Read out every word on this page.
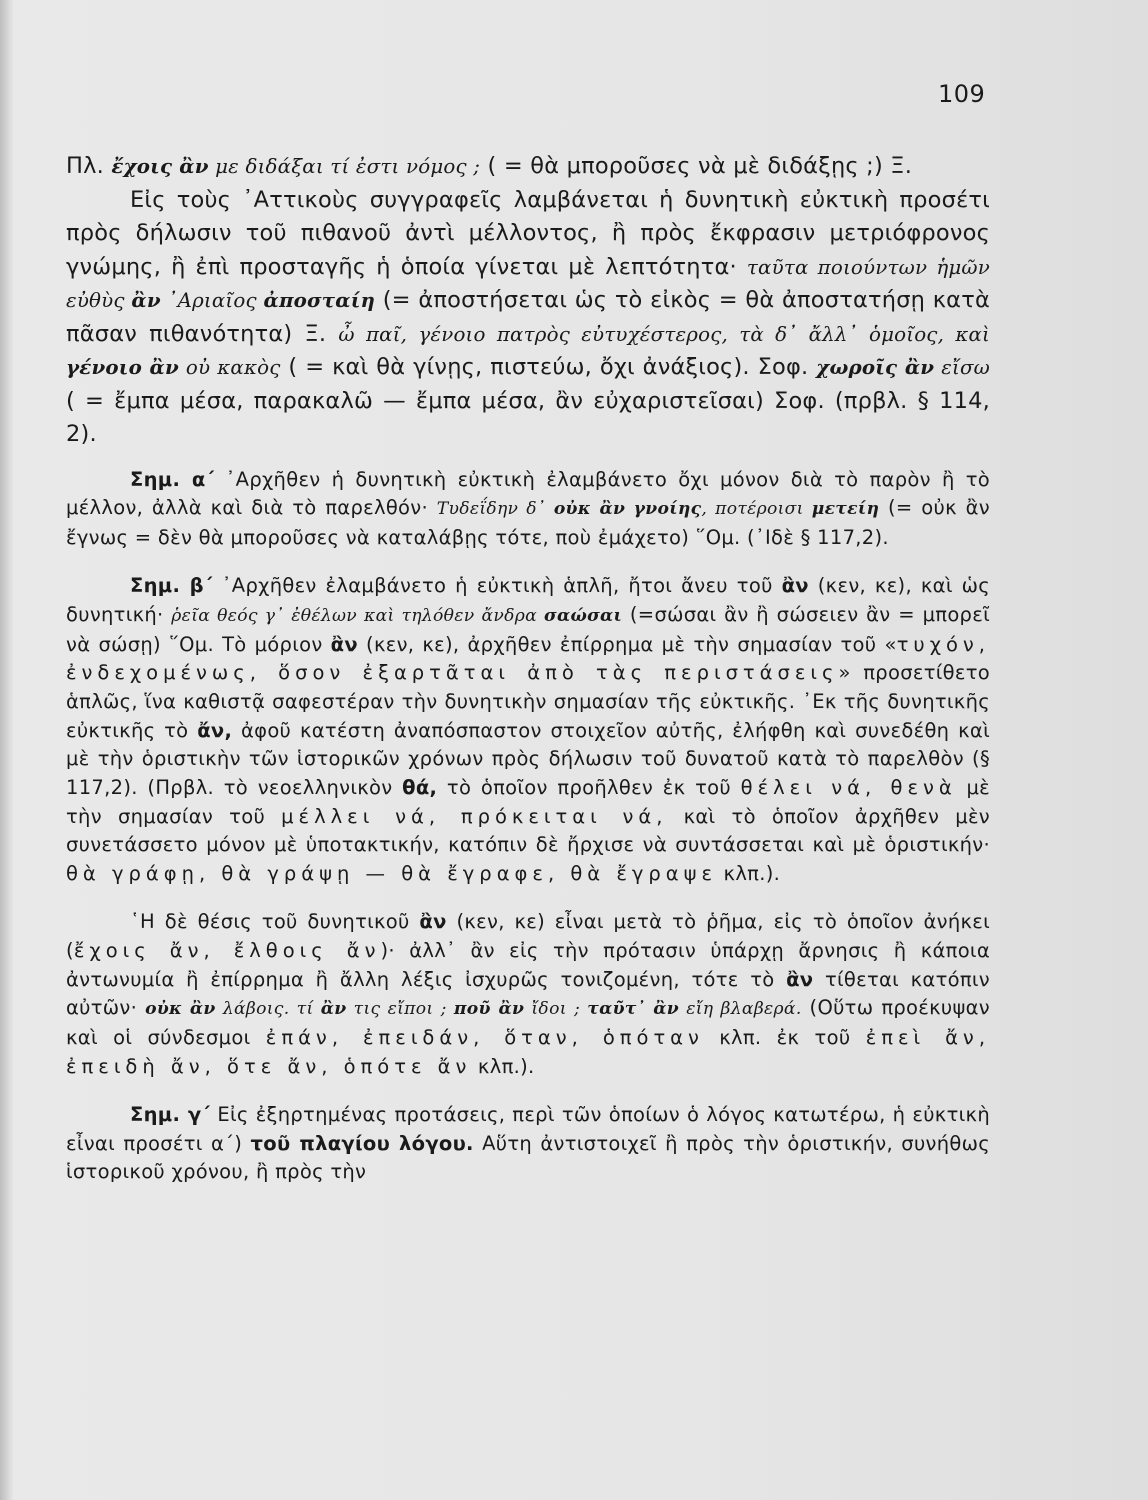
109

Πλ. ἔχοις ἂν με διδάξαι τί ἐστι νόμος ; ( = θὰ μποροῦσες νὰ μὲ διδάξῃς ;) Ξ.

Εἰς τοὺς ᾿Αττικοὺς συγγραφεῖς λαμβάνεται ἡ δυνητικὴ εὐκτικὴ προσέτι πρὸς δήλωσιν τοῦ πιθανοῦ ἀντὶ μέλλοντος, ἢ πρὸς ἔκφρασιν μετριόφρονος γνώμης, ἢ ἐπὶ προσταγῆς ἡ ὁποία γίνεται μὲ λεπτότητα· ταῦτα ποιούντων ἡμῶν εὐθὺς ἂν ᾿Αριαῖος ἀποσταίη (= ἀποστήσεται ὡς τὸ εἰκὸς = θὰ ἀποστατήσῃ κατὰ πᾶσαν πιθανότητα) Ξ. ὦ παῖ, γένοιο πατρὸς εὐτυχέστερος, τὰ δ᾿ ἄλλ᾿ ὁμοῖος, καὶ γένοιο ἂν οὐ κακὸς ( = καὶ θὰ γίνῃς, πιστεύω, ὄχι ἀνάξιος). Σοφ. χωροῖς ἂν εἴσω ( = ἔμπα μέσα, παρακαλῶ — ἔμπα μέσα, ἂν εὐχαριστεῖσαι) Σοφ. (πρβλ. § 114, 2).

Σημ. α΄ ᾿Αρχῆθεν ἡ δυνητικὴ εὐκτικὴ ἐλαμβάνετο ὄχι μόνον διὰ τὸ παρὸν ἢ τὸ μέλλον, ἀλλὰ καὶ διὰ τὸ παρελθόν· Τυδεΐδην δ᾿ οὐκ ἂν γνοίης, ποτέροισι μετείη (= οὐκ ἂν ἔγνως = δὲν θὰ μποροῦσες νὰ καταλάβῃς τότε, ποὺ ἐμάχετο) ῞Ομ. (᾿Ιδὲ § 117,2).

Σημ. β΄ ᾿Αρχῆθεν ἐλαμβάνετο ἡ εὐκτικὴ ἁπλῆ, ἤτοι ἄνευ τοῦ ἂν (κεν, κε), καὶ ὡς δυνητική· ῥεῖα θεός γ᾿ ἐθέλων καὶ τηλόθεν ἄνδρα σαώσαι (=σώσαι ἂν ἢ σώσειεν ἂν = μπορεῖ νὰ σώσῃ) ῞Ομ. Τὸ μόριον ἂν (κεν, κε), ἀρχῆθεν ἐπίρρημα μὲ τὴν σημασίαν τοῦ «τυχόν, ἐνδεχομένως, ὅσον ἐξαρτᾶται ἀπὸ τὰς περιστάσεις» προσετίθετο ἁπλῶς, ἵνα καθιστᾷ σαφεστέραν τὴν δυνητικὴν σημασίαν τῆς εὐκτικῆς. ᾿Εκ τῆς δυνητικῆς εὐκτικῆς τὸ ἄν, ἀφοῦ κατέστη ἀναπόσπαστον στοιχεῖον αὐτῆς, ἐλήφθη καὶ συνεδέθη καὶ μὲ τὴν ὁριστικὴν τῶν ἱστορικῶν χρόνων πρὸς δήλωσιν τοῦ δυνατοῦ κατὰ τὸ παρελθὸν (§ 117,2). (Πρβλ. τὸ νεοελληνικὸν θά, τὸ ὁποῖον προῆλθεν ἐκ τοῦ θέλει νά, θενὰ μὲ τὴν σημασίαν τοῦ μέλλει νά, πρόκειται νά, καὶ τὸ ὁποῖον ἀρχῆθεν μὲν συνετάσσετο μόνον μὲ ὑποτακτικήν, κατόπιν δὲ ἤρχισε νὰ συντάσσεται καὶ μὲ ὁριστικήν· θὰ γράφῃ, θὰ γράψῃ — θὰ ἔγραφε, θὰ ἔγραψε κλπ.).

῾Η δὲ θέσις τοῦ δυνητικοῦ ἂν (κεν, κε) εἶναι μετὰ τὸ ῥῆμα, εἰς τὸ ὁποῖον ἀνήκει (ἔχοις ἄν, ἔλθοις ἄν)· ἀλλ᾿ ἂν εἰς τὴν πρότασιν ὑπάρχῃ ἄρνησις ἢ κάποια ἀντωνυμία ἢ ἐπίρρημα ἢ ἄλλη λέξις ἰσχυρῶς τονιζομένη, τότε τὸ ἂν τίθεται κατόπιν αὐτῶν· οὐκ ἂν λάβοις. τί ἂν τις εἴποι ; ποῦ ἂν ἴδοι ; ταῦτ᾿ ἂν εἴη βλαβερά. (Οὕτω προέκυψαν καὶ οἱ σύνδεσμοι ἐπάν, ἐπειδάν, ὅταν, ὁπόταν κλπ. ἐκ τοῦ ἐπεὶ ἄν, ἐπειδὴ ἄν, ὅτε ἄν, ὁπότε ἄν κλπ.).

Σημ. γ΄ Εἰς ἐξηρτημένας προτάσεις, περὶ τῶν ὁποίων ὁ λόγος κατωτέρω, ἡ εὐκτικὴ εἶναι προσέτι α΄) τοῦ πλαγίου λόγου. Αὕτη ἀντιστοιχεῖ ἢ πρὸς τὴν ὁριστικήν, συνήθως ἱστορικοῦ χρόνου, ἢ πρὸς τὴν
